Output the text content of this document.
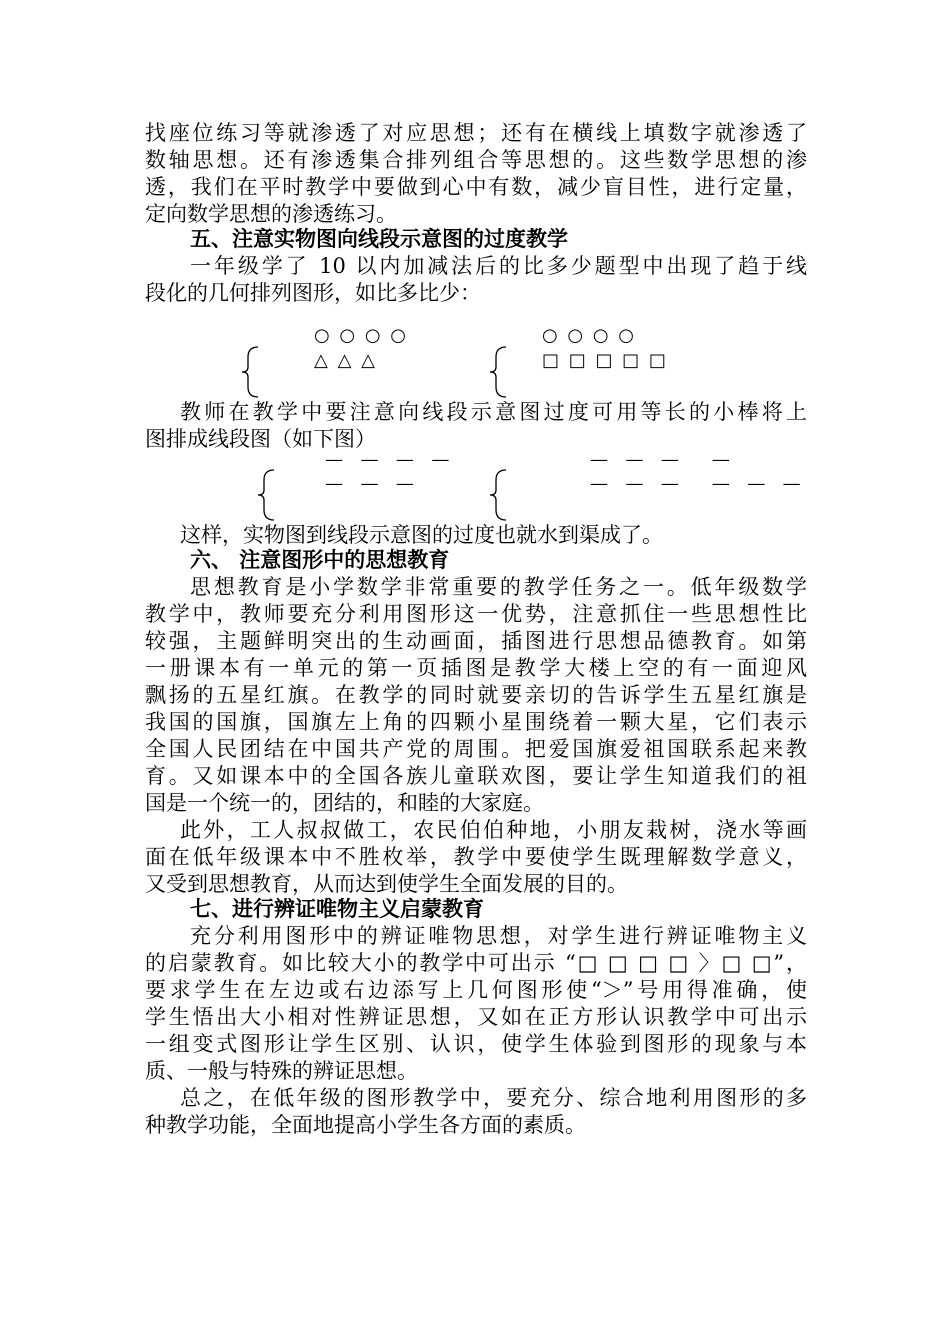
找座位练习等就渗透了对应思想；还有在横线上填数字就渗透了
数轴思想。还有渗透集合排列组合等思想的。这些数学思想的渗
透，我们在平时教学中要做到心中有数，减少盲目性，进行定量，
定向数学思想的渗透练习。
五、注意实物图向线段示意图的过度教学
一年级学了 10 以内加减法后的比多少题型中出现了趋于线
段化的几何排列图形，如比多比少：
○ ○ ○ ○
△ △ △
○ ○ ○ ○
□ □ □ □ □
教师在教学中要注意向线段示意图过度可用等长的小棒将上
图排成线段图（如下图）
—  —  —  —
—  —  —
—  —  —    —
—  —  —    —  —  —
这样，实物图到线段示意图的过度也就水到渠成了。
六、 注意图形中的思想教育
思想教育是小学数学非常重要的教学任务之一。低年级数学
教学中，教师要充分利用图形这一优势，注意抓住一些思想性比
较强，主题鲜明突出的生动画面，插图进行思想品德教育。如第
一册课本有一单元的第一页插图是教学大楼上空的有一面迎风
飘扬的五星红旗。在教学的同时就要亲切的告诉学生五星红旗是
我国的国旗，国旗左上角的四颗小星围绕着一颗大星，它们表示
全国人民团结在中国共产党的周围。把爱国旗爱祖国联系起来教
育。又如课本中的全国各族儿童联欢图，要让学生知道我们的祖
国是一个统一的，团结的，和睦的大家庭。
此外，工人叔叔做工，农民伯伯种地，小朋友栽树，浇水等画
面在低年级课本中不胜枚举，教学中要使学生既理解数学意义，
又受到思想教育，从而达到使学生全面发展的目的。
七、进行辨证唯物主义启蒙教育
充分利用图形中的辨证唯物思想，对学生进行辨证唯物主义
的启蒙教育。如比较大小的教学中可出示 “□ □ □ □ 〉□ □”，
要求学生在左边或右边添写上几何图形使“＞”号用得准确，使
学生悟出大小相对性辨证思想，又如在正方形认识教学中可出示
一组变式图形让学生区别、认识，使学生体验到图形的现象与本
质、一般与特殊的辨证思想。
总之，在低年级的图形教学中，要充分、综合地利用图形的多
种教学功能，全面地提高小学生各方面的素质。
